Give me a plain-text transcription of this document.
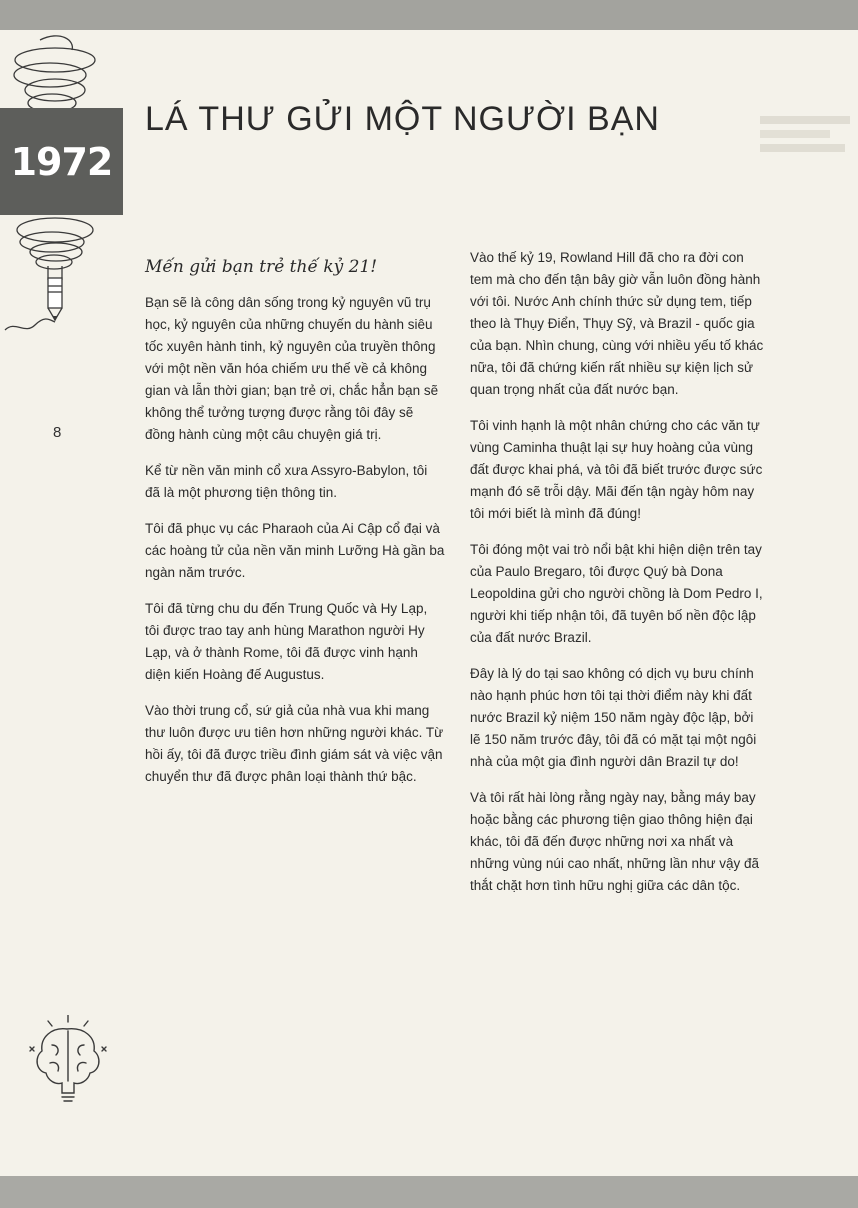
1972
LÁ THƯ GỬI MỘT NGƯỜI BẠN
8
Mến gửi bạn trẻ thế kỷ 21!

Bạn sẽ là công dân sống trong kỷ nguyên vũ trụ học, kỷ nguyên của những chuyến du hành siêu tốc xuyên hành tinh, kỷ nguyên của truyền thông với một nền văn hóa chiếm ưu thế về cả không gian và lẫn thời gian; bạn trẻ ơi, chắc hẳn bạn sẽ không thể tưởng tượng được rằng tôi đây sẽ đồng hành cùng một câu chuyện giá trị.

Kể từ nền văn minh cổ xưa Assyro-Babylon, tôi đã là một phương tiện thông tin.

Tôi đã phục vụ các Pharaoh của Ai Cập cổ đại và các hoàng tử của nền văn minh Lưỡng Hà gần ba ngàn năm trước.

Tôi đã từng chu du đến Trung Quốc và Hy Lạp, tôi được trao tay anh hùng Marathon người Hy Lạp, và ở thành Rome, tôi đã được vinh hạnh diện kiến Hoàng đế Augustus.

Vào thời trung cổ, sứ giả của nhà vua khi mang thư luôn được ưu tiên hơn những người khác. Từ hồi ấy, tôi đã được triều đình giám sát và việc vận chuyển thư đã được phân loại thành thứ bậc.

Vào thế kỷ 19, Rowland Hill đã cho ra đời con tem mà cho đến tận bây giờ vẫn luôn đồng hành với tôi. Nước Anh chính thức sử dụng tem, tiếp theo là Thụy Điển, Thụy Sỹ, và Brazil - quốc gia của bạn. Nhìn chung, cùng với nhiều yếu tố khác nữa, tôi đã chứng kiến rất nhiều sự kiện lịch sử quan trọng nhất của đất nước bạn.

Tôi vinh hạnh là một nhân chứng cho các văn tự vùng Caminha thuật lại sự huy hoàng của vùng đất được khai phá, và tôi đã biết trước được sức mạnh đó sẽ trỗi dậy. Mãi đến tận ngày hôm nay tôi mới biết là mình đã đúng!

Tôi đóng một vai trò nổi bật khi hiện diện trên tay của Paulo Bregaro, tôi được Quý bà Dona Leopoldina gửi cho người chồng là Dom Pedro I, người khi tiếp nhận tôi, đã tuyên bố nền độc lập của đất nước Brazil.

Đây là lý do tại sao không có dịch vụ bưu chính nào hạnh phúc hơn tôi tại thời điểm này khi đất nước Brazil kỷ niệm 150 năm ngày độc lập, bởi lẽ 150 năm trước đây, tôi đã có mặt tại một ngôi nhà của một gia đình người dân Brazil tự do!

Và tôi rất hài lòng rằng ngày nay, bằng máy bay hoặc bằng các phương tiện giao thông hiện đại khác, tôi đã đến được những nơi xa nhất và những vùng núi cao nhất, những lần như vậy đã thắt chặt hơn tình hữu nghị giữa các dân tộc.
